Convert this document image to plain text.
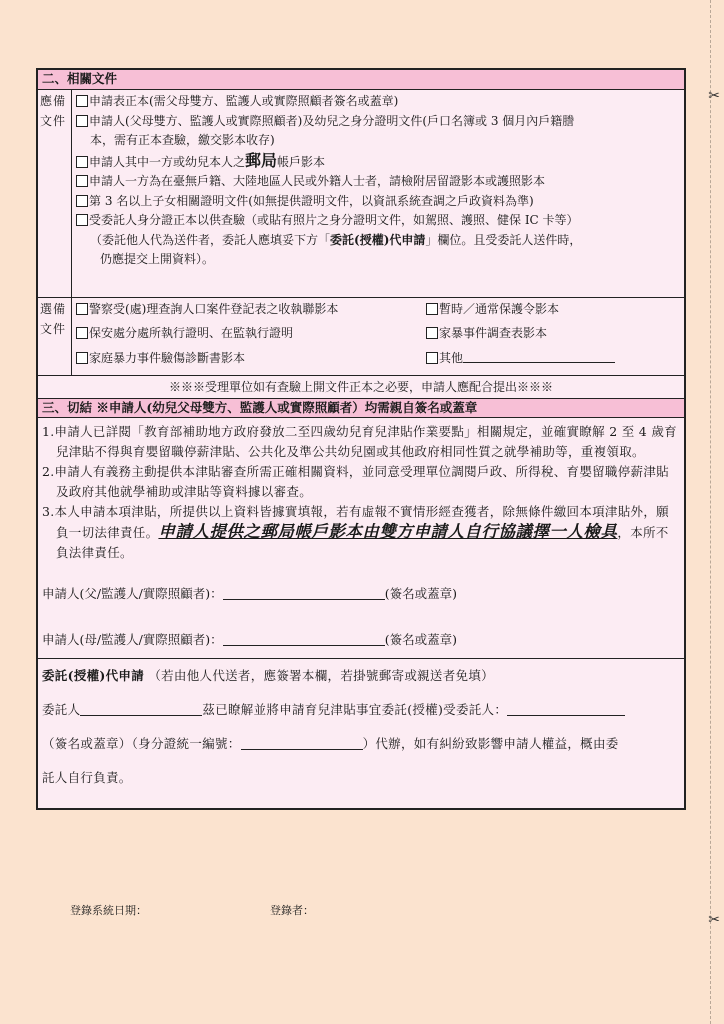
✂
✂
二、相關文件
應備
文件
申請表正本(需父母雙方、監護人或實際照顧者簽名或蓋章)
申請人(父母雙方、監護人或實際照顧者)及幼兒之身分證明文件(戶口名簿或 3 個月內戶籍謄
本，需有正本查驗，繳交影本收存)
申請人其中一方或幼兒本人之郵局帳戶影本
申請人一方為在臺無戶籍、大陸地區人民或外籍人士者，請檢附居留證影本或護照影本
第 3 名以上子女相關證明文件(如無提供證明文件，以資訊系統查調之戶政資料為準)
受委託人身分證正本以供查驗（或貼有照片之身分證明文件，如駕照、護照、健保 IC 卡等）
（委託他人代為送件者，委託人應填妥下方「委託(授權)代申請」欄位。且受委託人送件時，
仍應提交上開資料）。
選備
文件
警察受(處)理查詢人口案件登記表之收執聯影本	暫時／通常保護令影本
保安處分處所執行證明、在監執行證明	家暴事件調查表影本
家庭暴力事件驗傷診斷書影本	其他
※※※受理單位如有查驗上開文件正本之必要，申請人應配合提出※※※
三、切結 ※申請人(幼兒父母雙方、監護人或實際照顧者）均需親自簽名或蓋章
1.申請人已詳閱「教育部補助地方政府發放二至四歲幼兒育兒津貼作業要點」相關規定，並確實瞭解 2 至 4 歲育兒津貼不得與育嬰留職停薪津貼、公共化及準公共幼兒園或其他政府相同性質之就學補助等，重複領取。
2.申請人有義務主動提供本津貼審查所需正確相關資料，並同意受理單位調閱戶政、所得稅、育嬰留職停薪津貼及政府其他就學補助或津貼等資料據以審查。
3.本人申請本項津貼，所提供以上資料皆據實填報，若有虛報不實情形經查獲者，除無條件繳回本項津貼外，願負一切法律責任。申請人提供之郵局帳戶影本由雙方申請人自行協議擇一人檢具，本所不負法律責任。
申請人(父/監護人/實際照顧者)：	(簽名或蓋章)
申請人(母/監護人/實際照顧者)：	(簽名或蓋章)
委託(授權)代申請 （若由他人代送者，應簽署本欄，若掛號郵寄或親送者免填）
委託人	茲已瞭解並將申請育兒津貼事宜委託(授權)受委託人：
（簽名或蓋章）（身分證統一編號：	）代辦，如有糾紛致影響申請人權益，概由委
託人自行負責。
登錄系統日期：	登錄者：
